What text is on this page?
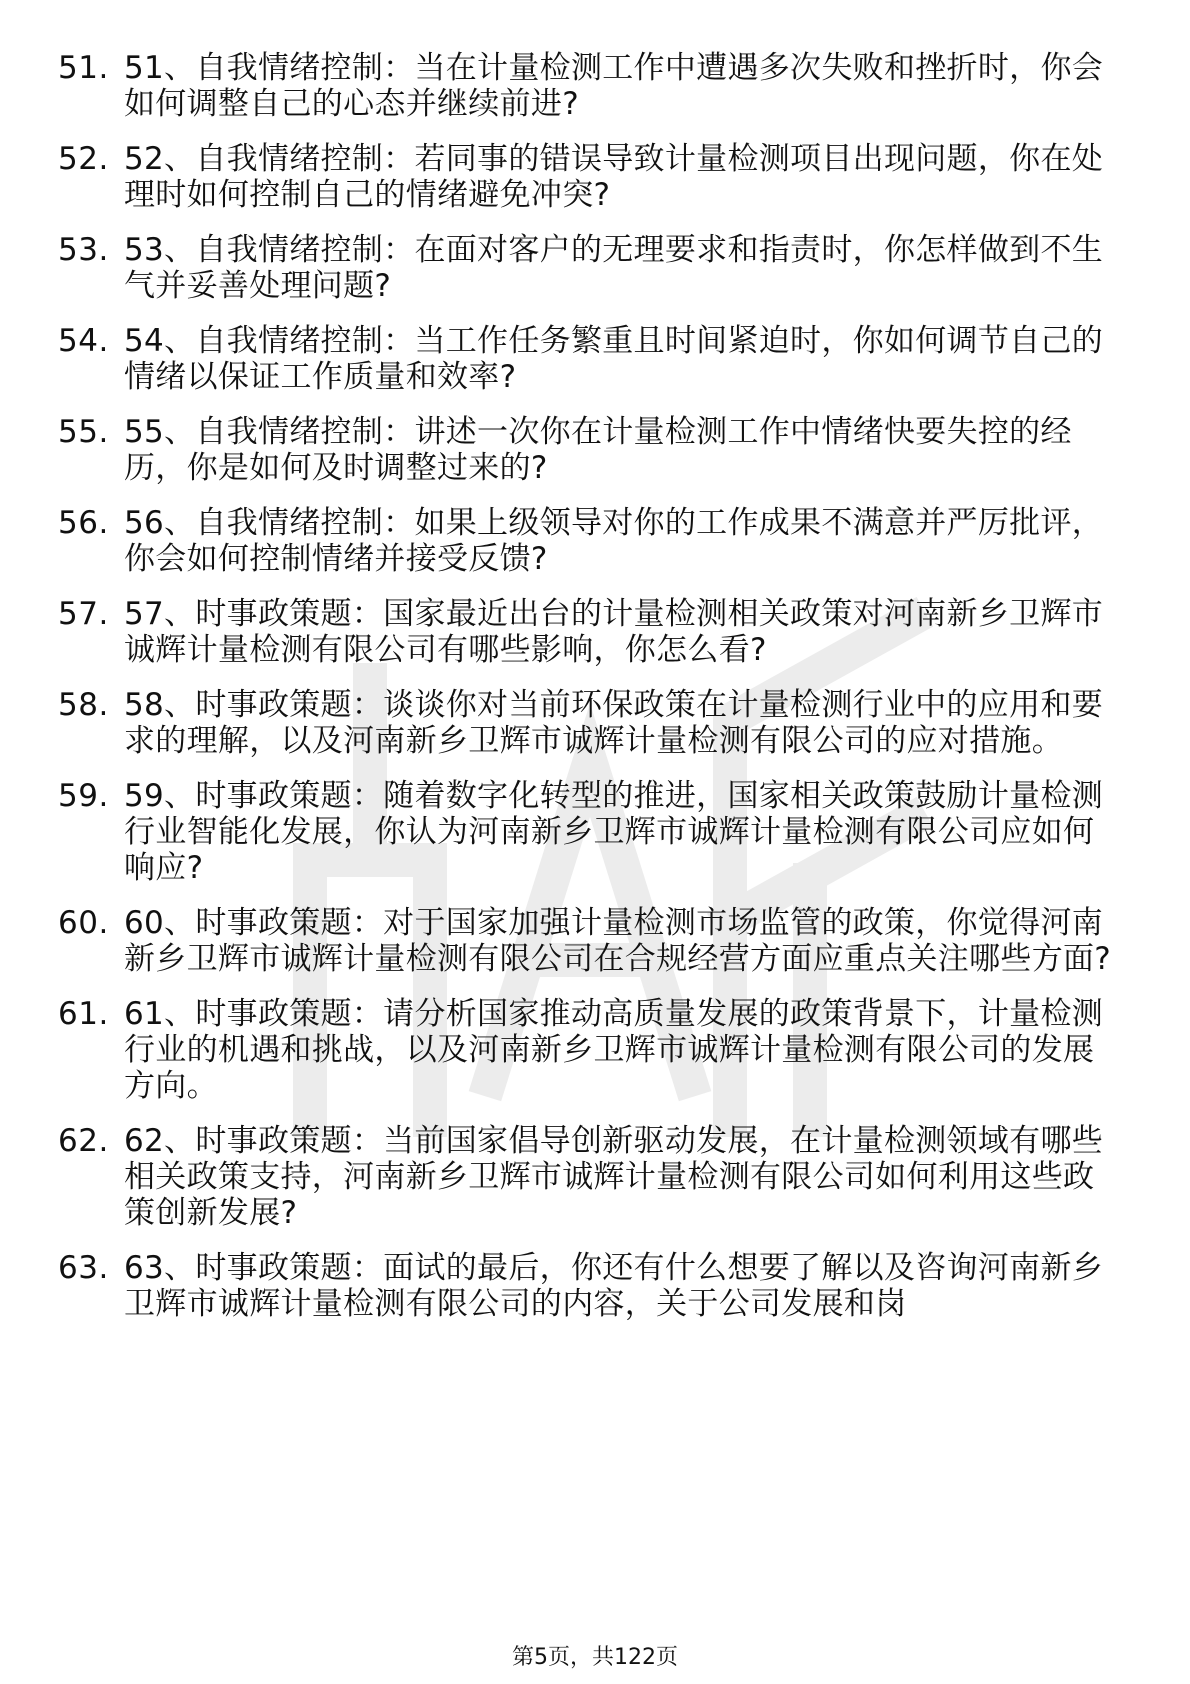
51. 51、自我情绪控制：当在计量检测工作中遭遇多次失败和挫折时，你会如何调整自己的心态并继续前进?
52. 52、自我情绪控制：若同事的错误导致计量检测项目出现问题，你在处理时如何控制自己的情绪避免冲突?
53. 53、自我情绪控制：在面对客户的无理要求和指责时，你怎样做到不生气并妥善处理问题?
54. 54、自我情绪控制：当工作任务繁重且时间紧迫时，你如何调节自己的情绪以保证工作质量和效率?
55. 55、自我情绪控制：讲述一次你在计量检测工作中情绪快要失控的经历，你是如何及时调整过来的?
56. 56、自我情绪控制：如果上级领导对你的工作成果不满意并严厉批评，你会如何控制情绪并接受反馈?
57. 57、时事政策题：国家最近出台的计量检测相关政策对河南新乡卫辉市诚辉计量检测有限公司有哪些影响，你怎么看?
58. 58、时事政策题：谈谈你对当前环保政策在计量检测行业中的应用和要求的理解，以及河南新乡卫辉市诚辉计量检测有限公司的应对措施。
59. 59、时事政策题：随着数字化转型的推进，国家相关政策鼓励计量检测行业智能化发展，你认为河南新乡卫辉市诚辉计量检测有限公司应如何响应?
60. 60、时事政策题：对于国家加强计量检测市场监管的政策，你觉得河南新乡卫辉市诚辉计量检测有限公司在合规经营方面应重点关注哪些方面?
61. 61、时事政策题：请分析国家推动高质量发展的政策背景下，计量检测行业的机遇和挑战，以及河南新乡卫辉市诚辉计量检测有限公司的发展方向。
62. 62、时事政策题：当前国家倡导创新驱动发展，在计量检测领域有哪些相关政策支持，河南新乡卫辉市诚辉计量检测有限公司如何利用这些政策创新发展?
63. 63、时事政策题：面试的最后，你还有什么想要了解以及咨询河南新乡卫辉市诚辉计量检测有限公司的内容，关于公司发展和岗
第5页，共122页
